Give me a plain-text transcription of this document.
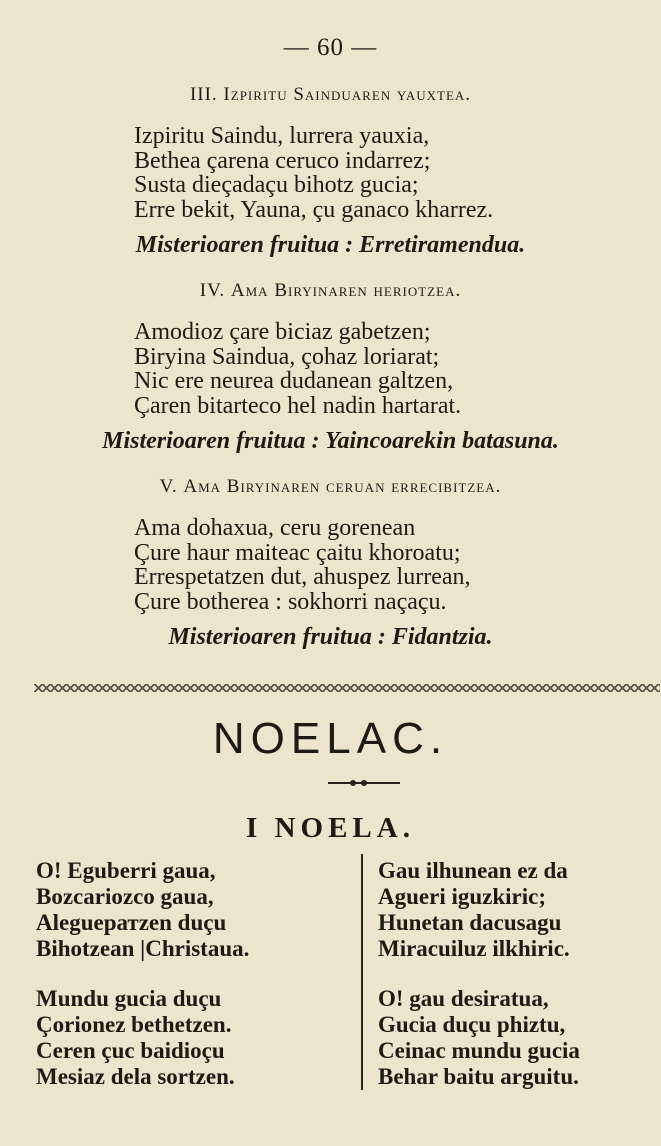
— 60 —
III. Izpiritu Sainduaren yauxtea.
Izpiritu Saindu, lurrera yauxia,
Bethea çarena ceruco indarrez;
Susta dieçadaçu bihotz gucia;
Erre bekit, Yauna, çu ganaco kharrez.
Misterioaren fruitua : Erretiramendua.
IV. Ama Biryinaren heriotzea.
Amodioz çare biciaz gabetzen;
Biryina Saindua, çohaz loriarat;
Nic ere neurea dudanean galtzen,
Çaren bitarteco hel nadin hartarat.
Misterioaren fruitua : Yaincoarekin batasuna.
V. Ama Biryinaren ceruan errecibitzea.
Ama dohaxua, ceru gorenean
Çure haur maiteac çaitu khoroatu;
Errespetatzen dut, ahuspez lurrean,
Çure botherea : sokhorri naçaçu.
Misterioaren fruitua : Fidantzia.
NOELAC.
I NOELA.
O! Eguberri gaua,
Bozcariozco gaua,
Aleguератzen duçu
Bihotzean |Christaua.
Mundu gucia duçu
Çorionez bethetzen.
Ceren çuc baidioçu
Mesiaz dela sortzen.
Gau ilhunean ez da
Agueri iguzkiric;
Hunetan dacusagu
Miracuiluz ilkhiric.
O! gau desiratua,
Gucia duçu phiztu,
Ceinac mundu gucia
Behar baitu arguitu.
